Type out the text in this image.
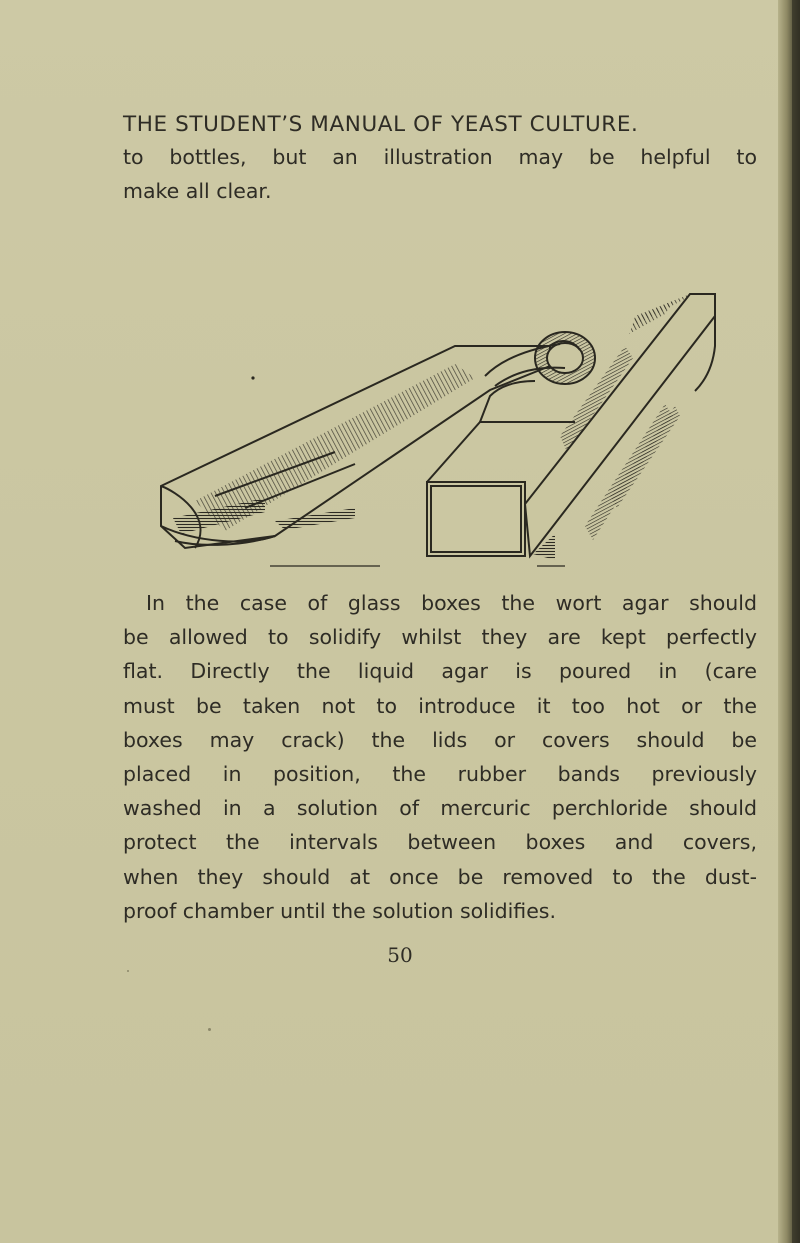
THE STUDENT’S MANUAL OF YEAST CULTURE.
to bottles, but an illustration may be helpful to
make all clear.
In the case of glass boxes the wort agar should
be allowed to solidify whilst they are kept perfectly
flat. Directly the liquid agar is poured in (care
must be taken not to introduce it too hot or the
boxes may crack) the lids or covers should be
placed in position, the rubber bands previously
washed in a solution of mercuric perchloride should
protect the intervals between boxes and covers,
when they should at once be removed to the dust-
proof chamber until the solution solidifies.
50
